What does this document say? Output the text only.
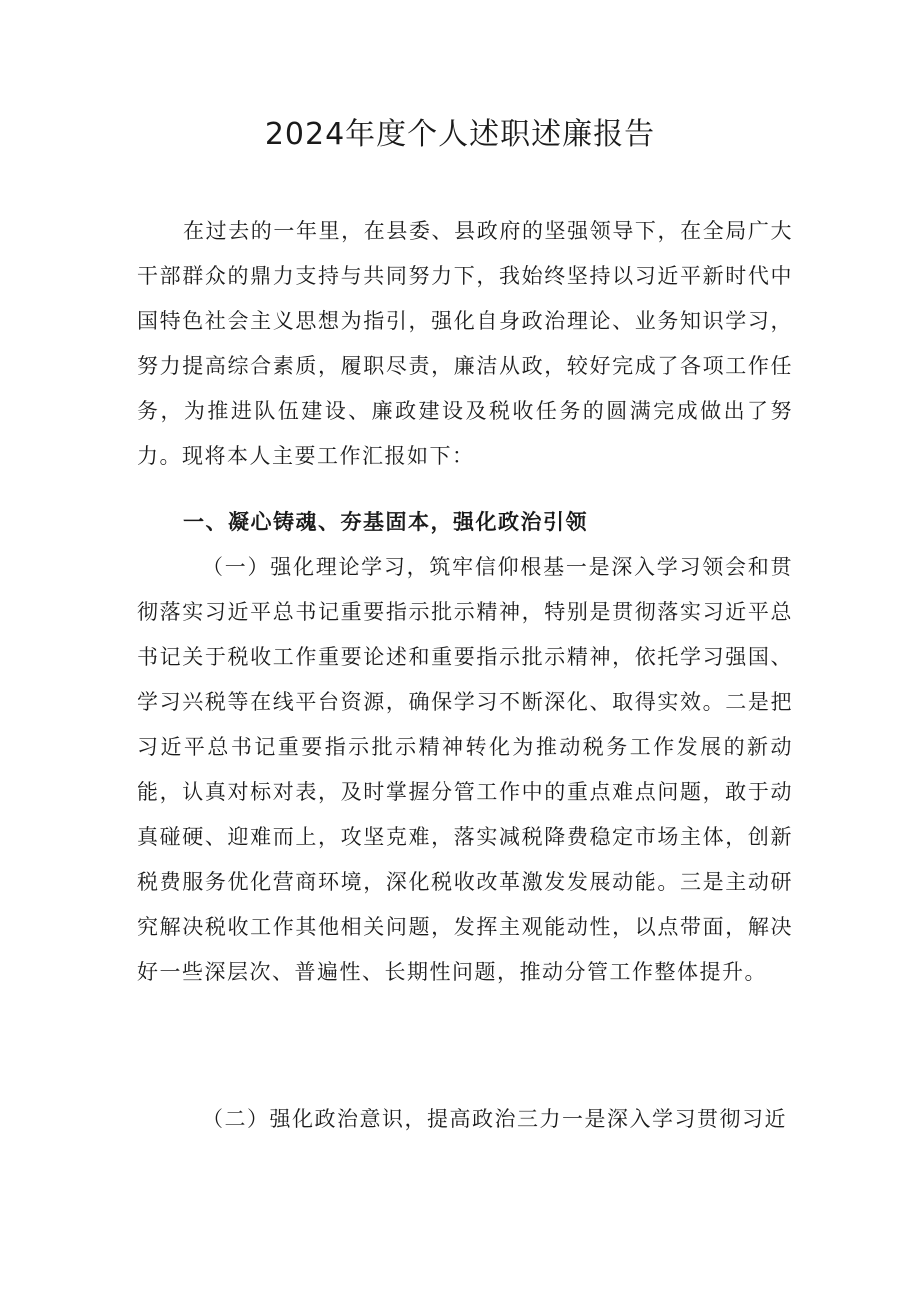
2024年度个人述职述廉报告

在过去的一年里，在县委、县政府的坚强领导下，在全局广大干部群众的鼎力支持与共同努力下，我始终坚持以习近平新时代中国特色社会主义思想为指引，强化自身政治理论、业务知识学习，努力提高综合素质，履职尽责，廉洁从政，较好完成了各项工作任务，为推进队伍建设、廉政建设及税收任务的圆满完成做出了努力。现将本人主要工作汇报如下：

一、凝心铸魂、夯基固本，强化政治引领

（一）强化理论学习，筑牢信仰根基一是深入学习领会和贯彻落实习近平总书记重要指示批示精神，特别是贯彻落实习近平总书记关于税收工作重要论述和重要指示批示精神，依托学习强国、学习兴税等在线平台资源，确保学习不断深化、取得实效。二是把习近平总书记重要指示批示精神转化为推动税务工作发展的新动能，认真对标对表，及时掌握分管工作中的重点难点问题，敢于动真碰硬、迎难而上，攻坚克难，落实减税降费稳定市场主体，创新税费服务优化营商环境，深化税收改革激发发展动能。三是主动研究解决税收工作其他相关问题，发挥主观能动性，以点带面，解决好一些深层次、普遍性、长期性问题，推动分管工作整体提升。

（二）强化政治意识，提高政治三力一是深入学习贯彻习近
